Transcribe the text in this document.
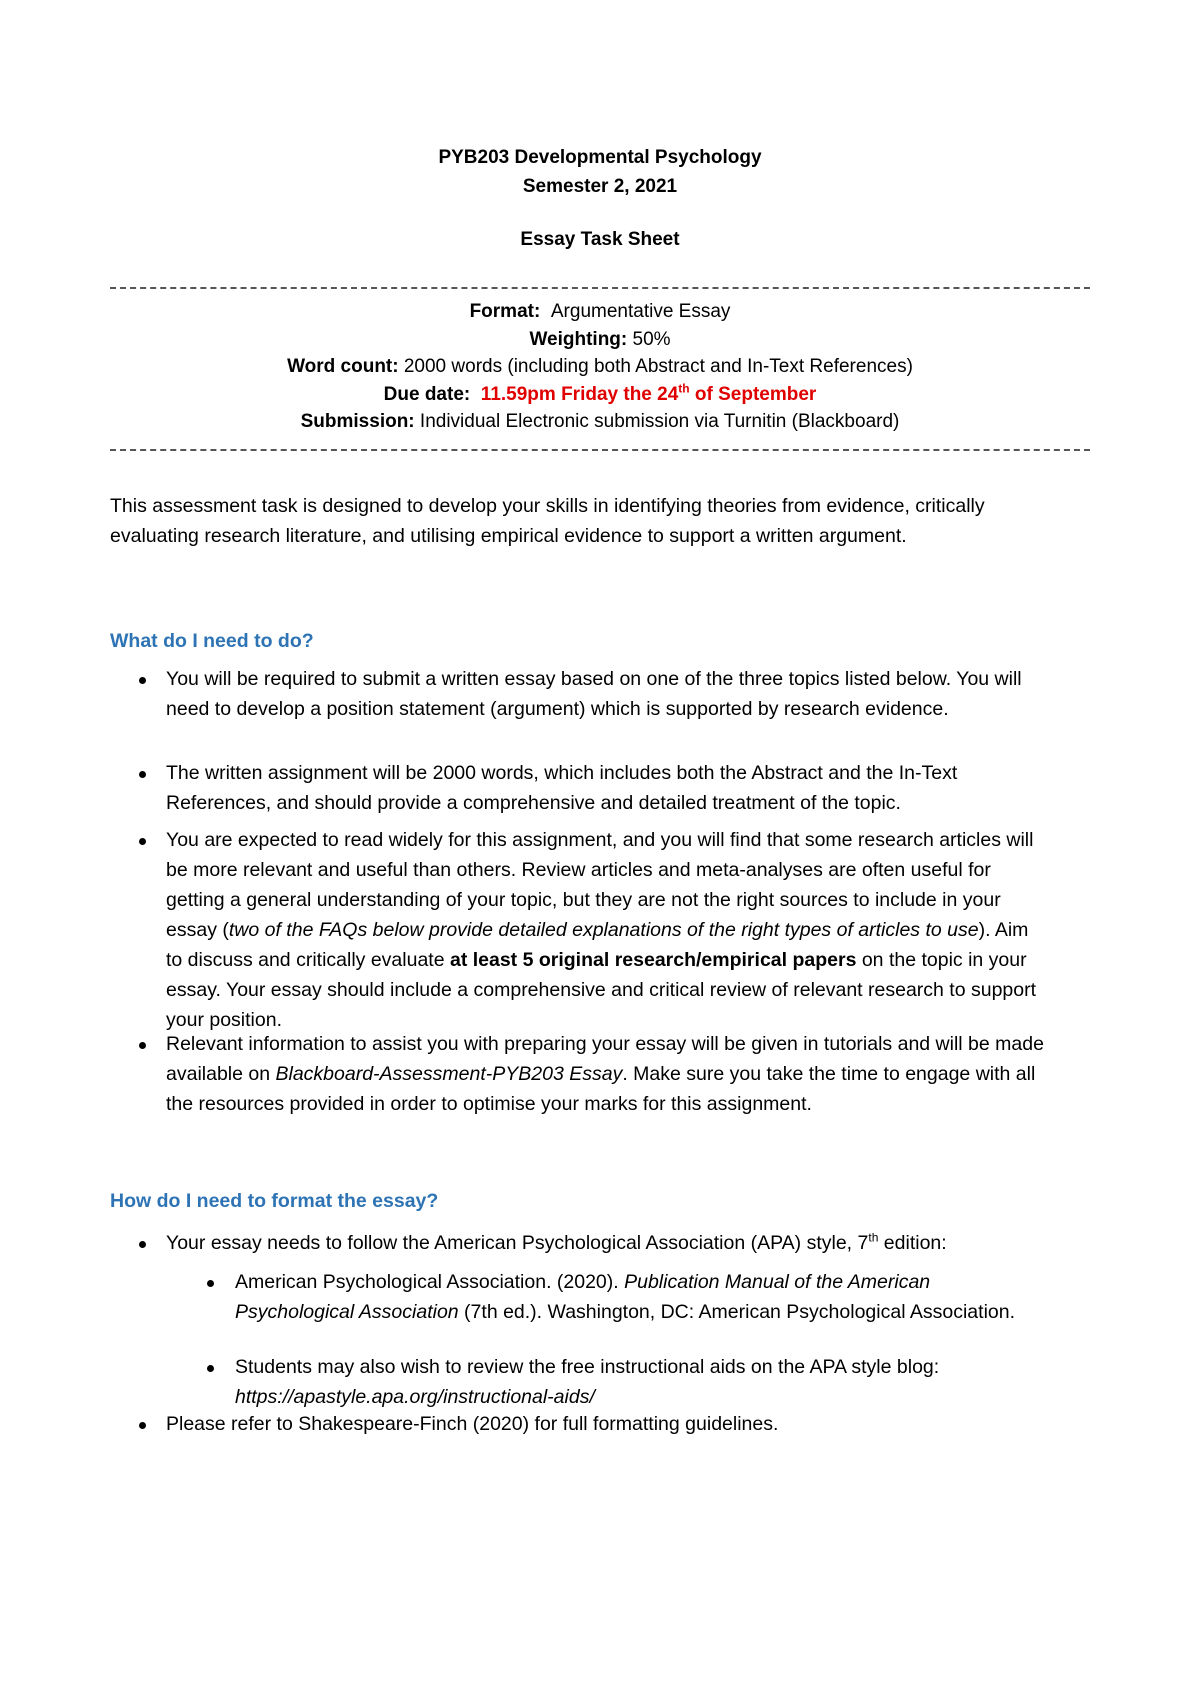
PYB203 Developmental Psychology
Semester 2, 2021
Essay Task Sheet
Format: Argumentative Essay
Weighting: 50%
Word count: 2000 words (including both Abstract and In-Text References)
Due date: 11.59pm Friday the 24th of September
Submission: Individual Electronic submission via Turnitin (Blackboard)
This assessment task is designed to develop your skills in identifying theories from evidence, critically evaluating research literature, and utilising empirical evidence to support a written argument.
What do I need to do?
You will be required to submit a written essay based on one of the three topics listed below. You will need to develop a position statement (argument) which is supported by research evidence.
The written assignment will be 2000 words, which includes both the Abstract and the In-Text References, and should provide a comprehensive and detailed treatment of the topic.
You are expected to read widely for this assignment, and you will find that some research articles will be more relevant and useful than others. Review articles and meta-analyses are often useful for getting a general understanding of your topic, but they are not the right sources to include in your essay (two of the FAQs below provide detailed explanations of the right types of articles to use). Aim to discuss and critically evaluate at least 5 original research/empirical papers on the topic in your essay. Your essay should include a comprehensive and critical review of relevant research to support your position.
Relevant information to assist you with preparing your essay will be given in tutorials and will be made available on Blackboard-Assessment-PYB203 Essay. Make sure you take the time to engage with all the resources provided in order to optimise your marks for this assignment.
How do I need to format the essay?
Your essay needs to follow the American Psychological Association (APA) style, 7th edition:
American Psychological Association. (2020). Publication Manual of the American Psychological Association (7th ed.). Washington, DC: American Psychological Association.
Students may also wish to review the free instructional aids on the APA style blog: https://apastyle.apa.org/instructional-aids/
Please refer to Shakespeare-Finch (2020) for full formatting guidelines.
